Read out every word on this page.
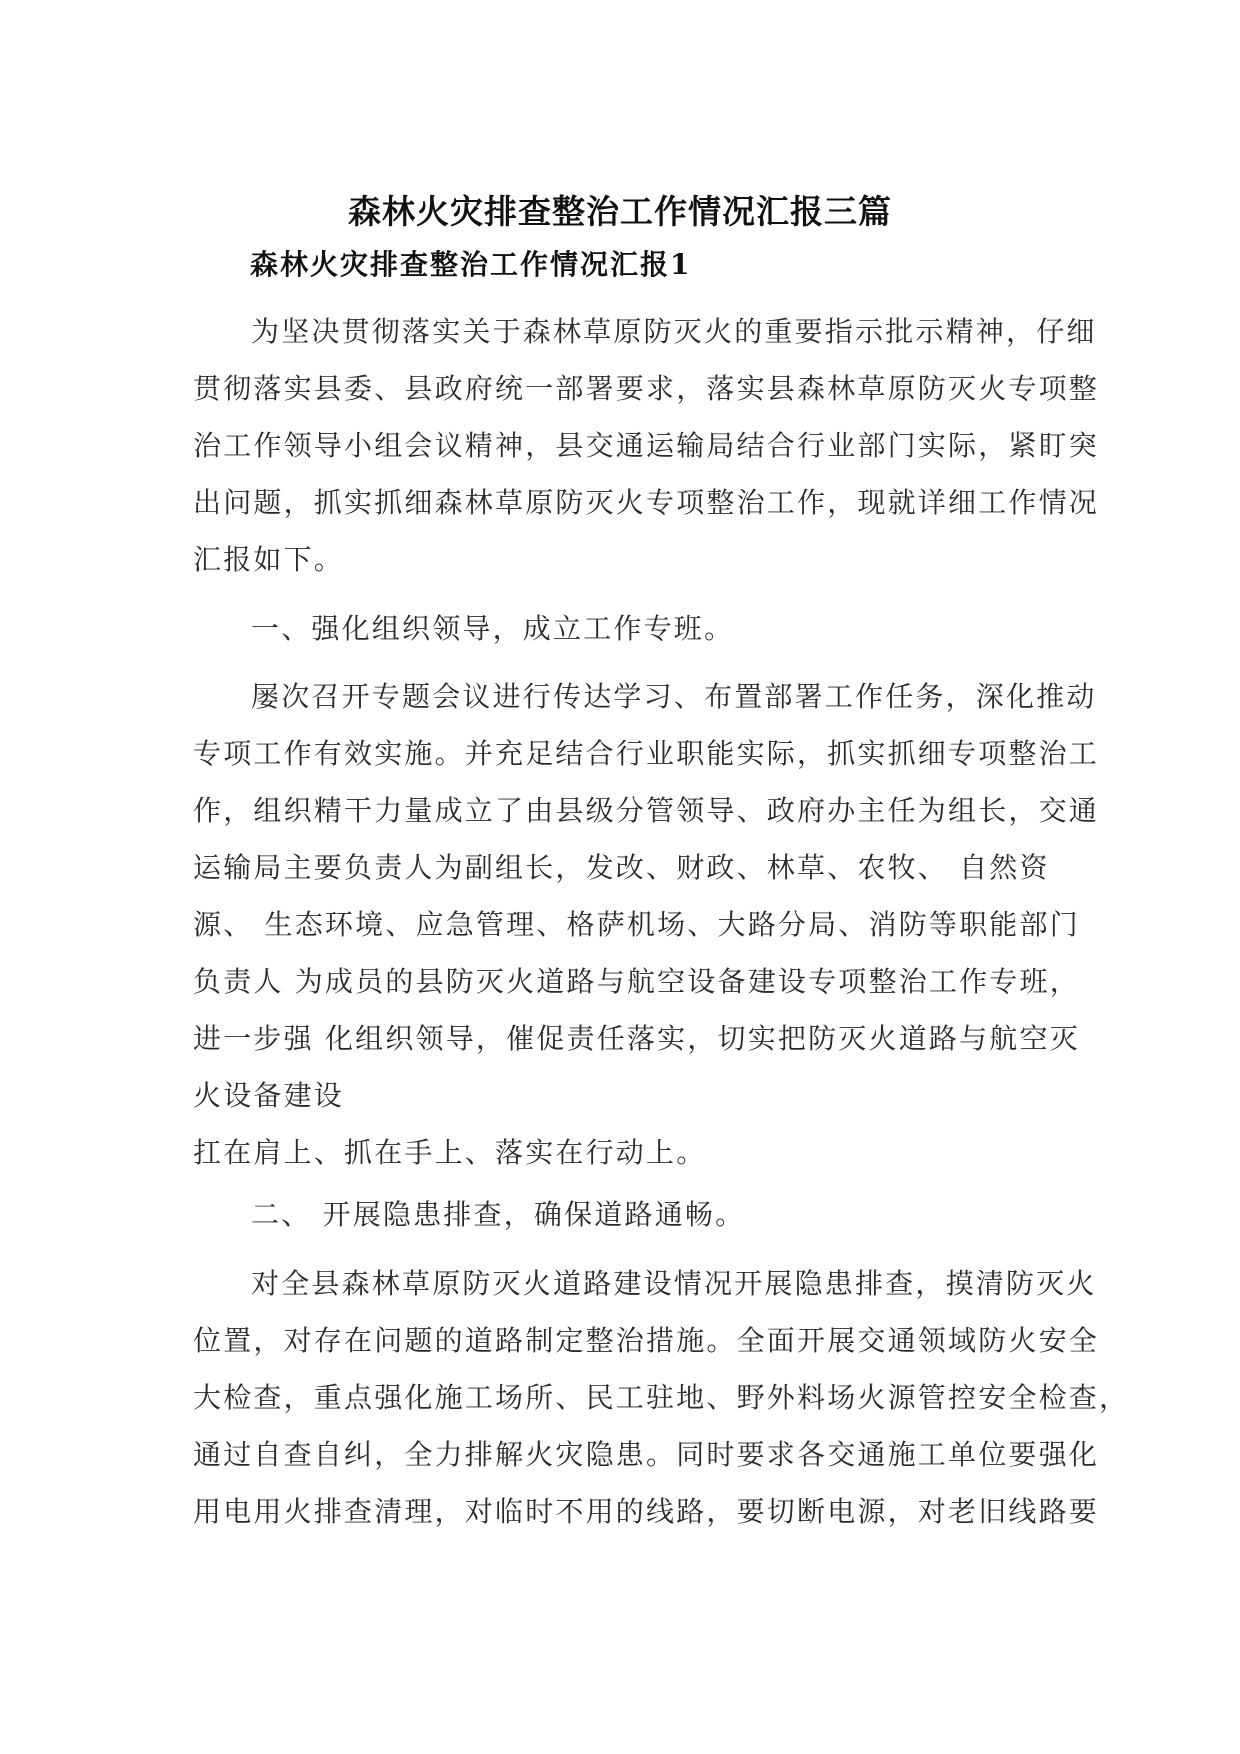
森林火灾排查整治工作情况汇报三篇
森林火灾排查整治工作情况汇报1
为坚决贯彻落实关于森林草原防灭火的重要指示批示精神，仔细
贯彻落实县委、县政府统一部署要求，落实县森林草原防灭火专项整
治工作领导小组会议精神，县交通运输局结合行业部门实际，紧盯突
出问题，抓实抓细森林草原防灭火专项整治工作，现就详细工作情况
汇报如下。
一、强化组织领导，成立工作专班。
屡次召开专题会议进行传达学习、布置部署工作任务，深化推动
专项工作有效实施。并充足结合行业职能实际，抓实抓细专项整治工
作，组织精干力量成立了由县级分管领导、政府办主任为组长，交通
运输局主要负责人为副组长，发改、财政、林草、农牧、 自然资
源、 生态环境、应急管理、格萨机场、大路分局、消防等职能部门
负责人 为成员的县防灭火道路与航空设备建设专项整治工作专班，
进一步强 化组织领导，催促责任落实，切实把防灭火道路与航空灭
火设备建设
扛在肩上、抓在手上、落实在行动上。
二、 开展隐患排查，确保道路通畅。
对全县森林草原防灭火道路建设情况开展隐患排查，摸清防灭火
位置，对存在问题的道路制定整治措施。全面开展交通领域防火安全
大检查，重点强化施工场所、民工驻地、野外料场火源管控安全检查，
通过自查自纠，全力排解火灾隐患。同时要求各交通施工单位要强化
用电用火排查清理，对临时不用的线路，要切断电源，对老旧线路要
